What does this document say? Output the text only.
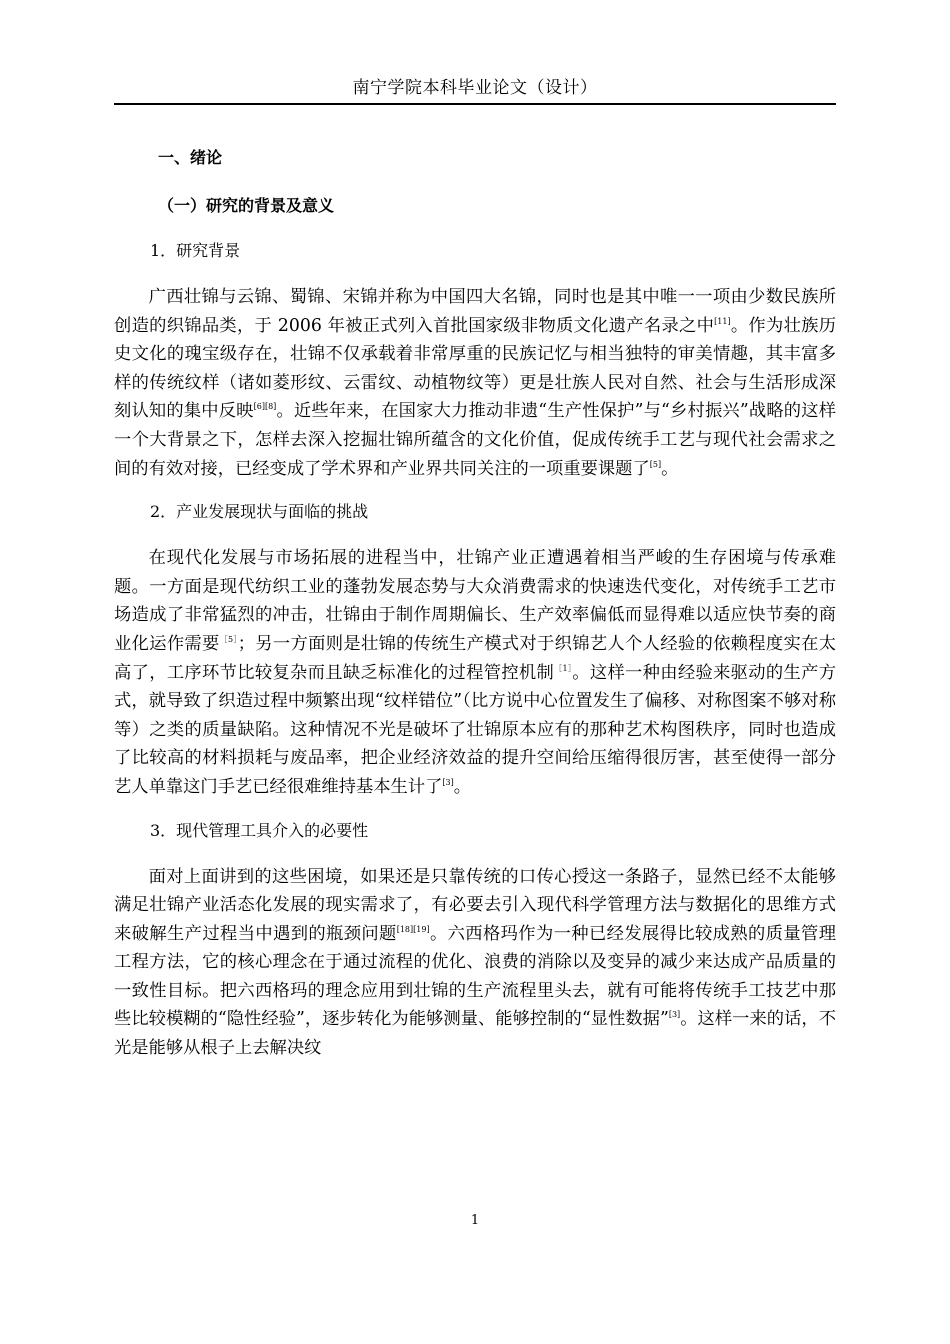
南宁学院本科毕业论文（设计）
一、绪论
（一）研究的背景及意义
1．研究背景

广西壮锦与云锦、蜀锦、宋锦并称为中国四大名锦，同时也是其中唯一一项由少数民族所创造的织锦品类，于 2006 年被正式列入首批国家级非物质文化遗产名录之中[11]。作为壮族历史文化的瑰宝级存在，壮锦不仅承载着非常厚重的民族记忆与相当独特的审美情趣，其丰富多样的传统纹样（诸如菱形纹、云雷纹、动植物纹等）更是壮族人民对自然、社会与生活形成深刻认知的集中反映[6][8]。近些年来，在国家大力推动非遗“生产性保护”与“乡村振兴”战略的这样一个大背景之下，怎样去深入挖掘壮锦所蕴含的文化价值，促成传统手工艺与现代社会需求之间的有效对接，已经变成了学术界和产业界共同关注的一项重要课题了[5]。

2．产业发展现状与面临的挑战

在现代化发展与市场拓展的进程当中，壮锦产业正遭遇着相当严峻的生存困境与传承难题。一方面是现代纺织工业的蓬勃发展态势与大众消费需求的快速迭代变化，对传统手工艺市场造成了非常猛烈的冲击，壮锦由于制作周期偏长、生产效率偏低而显得难以适应快节奏的商业化运作需要$^{[5]}$；另一方面则是壮锦的传统生产模式对于织锦艺人个人经验的依赖程度实在太高了，工序环节比较复杂而且缺乏标准化的过程管控机制$^{[1]}$。这样一种由经验来驱动的生产方式，就导致了织造过程中频繁出现“纹样错位”（比方说中心位置发生了偏移、对称图案不够对称等）之类的质量缺陷。这种情况不光是破坏了壮锦原本应有的那种艺术构图秩序，同时也造成了比较高的材料损耗与废品率，把企业经济效益的提升空间给压缩得很厉害，甚至使得一部分艺人单靠这门手艺已经很难维持基本生计了[3]。

3．现代管理工具介入的必要性

面对上面讲到的这些困境，如果还是只靠传统的口传心授这一条路子，显然已经不太能够满足壮锦产业活态化发展的现实需求了，有必要去引入现代科学管理方法与数据化的思维方式来破解生产过程当中遇到的瓶颈问题[18][19]。六西格玛作为一种已经发展得比较成熟的质量管理工程方法，它的核心理念在于通过流程的优化、浪费的消除以及变异的减少来达成产品质量的一致性目标。把六西格玛的理念应用到壮锦的生产流程里头去，就有可能将传统手工技艺中那些比较模糊的“隐性经验”，逐步转化为能够测量、能够控制的“显性数据”[3]。这样一来的话，不光是能够从根子上去解决纹

1
